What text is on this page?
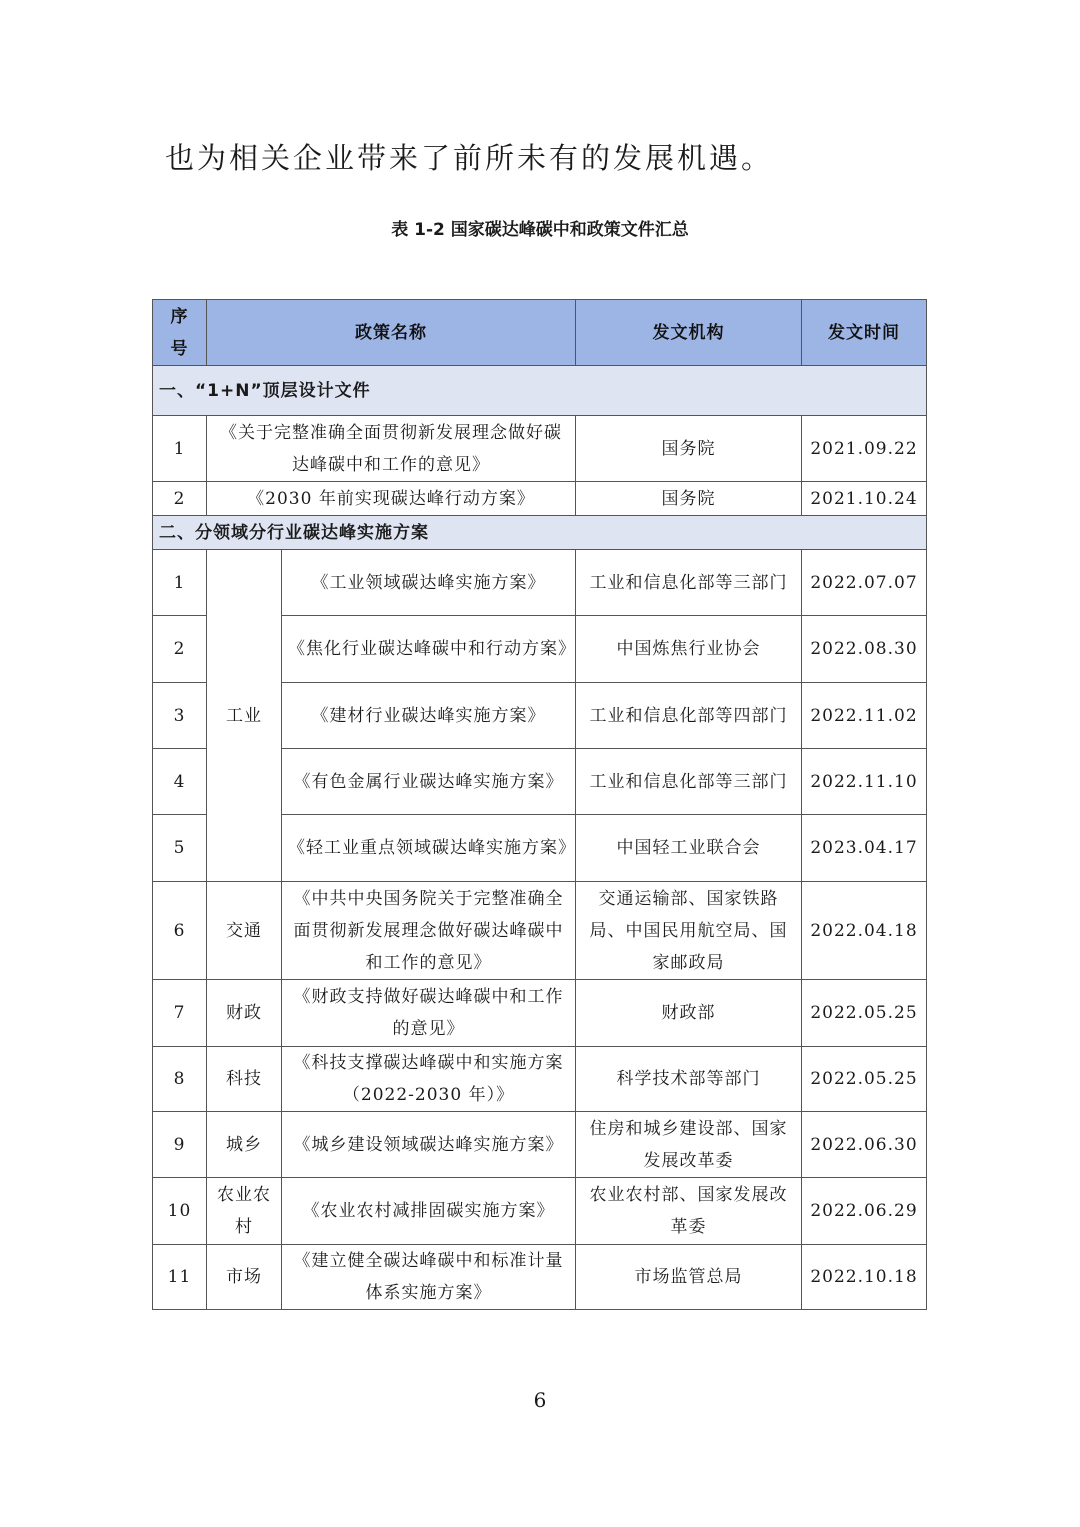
也为相关企业带来了前所未有的发展机遇。

表 1-2 国家碳达峰碳中和政策文件汇总

序号	政策名称		发文机构	发文时间
一、“1+N”顶层设计文件				
1	《关于完整准确全面贯彻新发展理念做好碳达峰碳中和工作的意见》		国务院	2021.09.22
2	《2030 年前实现碳达峰行动方案》		国务院	2021.10.24
二、分领域分行业碳达峰实施方案				
1	工业	《工业领域碳达峰实施方案》	工业和信息化部等三部门	2022.07.07
2		《焦化行业碳达峰碳中和行动方案》	中国炼焦行业协会	2022.08.30
3		《建材行业碳达峰实施方案》	工业和信息化部等四部门	2022.11.02
4		《有色金属行业碳达峰实施方案》	工业和信息化部等三部门	2022.11.10
5		《轻工业重点领域碳达峰实施方案》	中国轻工业联合会	2023.04.17
6	交通	《中共中央国务院关于完整准确全面贯彻新发展理念做好碳达峰碳中和工作的意见》	交通运输部、国家铁路局、中国民用航空局、国家邮政局	2022.04.18
7	财政	《财政支持做好碳达峰碳中和工作的意见》	财政部	2022.05.25
8	科技	《科技支撑碳达峰碳中和实施方案（2022-2030 年）》	科学技术部等部门	2022.05.25
9	城乡	《城乡建设领域碳达峰实施方案》	住房和城乡建设部、国家发展改革委	2022.06.30
10	农业农村	《农业农村减排固碳实施方案》	农业农村部、国家发展改革委	2022.06.29
11	市场	《建立健全碳达峰碳中和标准计量体系实施方案》	市场监管总局	2022.10.18

6
